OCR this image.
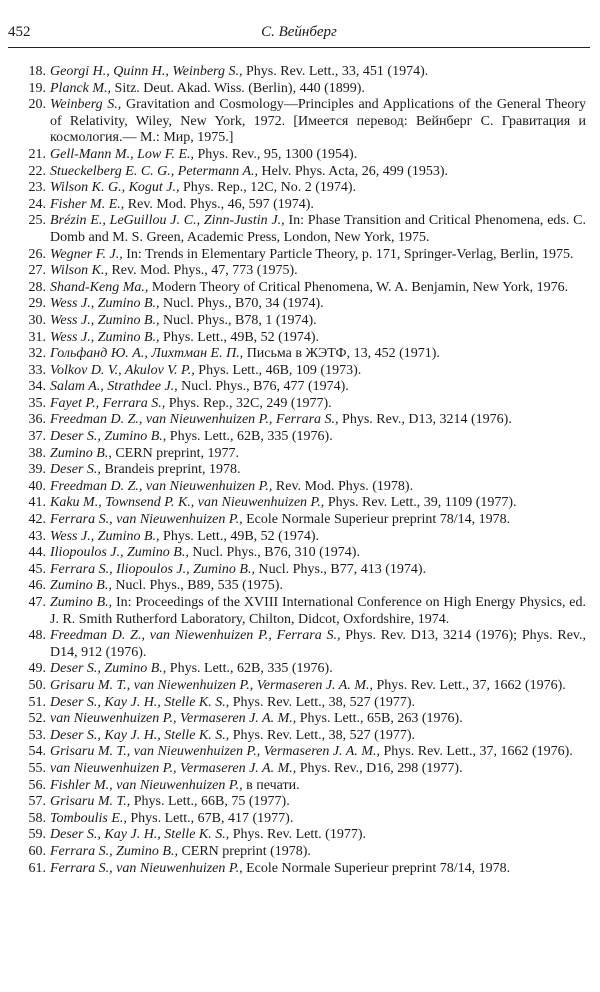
452	С. Вейнберг
18. Georgi H., Quinn H., Weinberg S., Phys. Rev. Lett., 33, 451 (1974).
19. Planck M., Sitz. Deut. Akad. Wiss. (Berlin), 440 (1899).
20. Weinberg S., Gravitation and Cosmology—Principles and Applications of the General Theory of Relativity, Wiley, New York, 1972. [Имеется перевод: Вейнберг С. Гравитация и космология.— М.: Мир, 1975.]
21. Gell-Mann M., Low F. E., Phys. Rev., 95, 1300 (1954).
22. Stueckelberg E. C. G., Petermann A., Helv. Phys. Acta, 26, 499 (1953).
23. Wilson K. G., Kogut J., Phys. Rep., 12C, No. 2 (1974).
24. Fisher M. E., Rev. Mod. Phys., 46, 597 (1974).
25. Brézin E., LeGuillou J. C., Zinn-Justin J., In: Phase Transition and Critical Phenomena, eds. C. Domb and M. S. Green, Academic Press, London, New York, 1975.
26. Wegner F. J., In: Trends in Elementary Particle Theory, p. 171, Springer-Verlag, Berlin, 1975.
27. Wilson K., Rev. Mod. Phys., 47, 773 (1975).
28. Shand-Keng Ma., Modern Theory of Critical Phenomena, W. A. Benjamin, New York, 1976.
29. Wess J., Zumino B., Nucl. Phys., B70, 34 (1974).
30. Wess J., Zumino B., Nucl. Phys., B78, 1 (1974).
31. Wess J., Zumino B., Phys. Lett., 49B, 52 (1974).
32. Гольфанд Ю. А., Лихтман Е. П., Письма в ЖЭТФ, 13, 452 (1971).
33. Volkov D. V., Akulov V. P., Phys. Lett., 46B, 109 (1973).
34. Salam A., Strathdee J., Nucl. Phys., B76, 477 (1974).
35. Fayet P., Ferrara S., Phys. Rep., 32C, 249 (1977).
36. Freedman D. Z., van Nieuwenhuizen P., Ferrara S., Phys. Rev., D13, 3214 (1976).
37. Deser S., Zumino B., Phys. Lett., 62B, 335 (1976).
38. Zumino B., CERN preprint, 1977.
39. Deser S., Brandeis preprint, 1978.
40. Freedman D. Z., van Nieuwenhuizen P., Rev. Mod. Phys. (1978).
41. Kaku M., Townsend P. K., van Nieuwenhuizen P., Phys. Rev. Lett., 39, 1109 (1977).
42. Ferrara S., van Nieuwenhuizen P., Ecole Normale Superieur preprint 78/14, 1978.
43. Wess J., Zumino B., Phys. Lett., 49B, 52 (1974).
44. Iliopoulos J., Zumino B., Nucl. Phys., B76, 310 (1974).
45. Ferrara S., Iliopoulos J., Zumino B., Nucl. Phys., B77, 413 (1974).
46. Zumino B., Nucl. Phys., B89, 535 (1975).
47. Zumino B., In: Proceedings of the XVIII International Conference on High Energy Physics, ed. J. R. Smith Rutherford Laboratory, Chilton, Didcot, Oxfordshire, 1974.
48. Freedman D. Z., van Niewenhuizen P., Ferrara S., Phys. Rev. D13, 3214 (1976); Phys. Rev., D14, 912 (1976).
49. Deser S., Zumino B., Phys. Lett., 62B, 335 (1976).
50. Grisaru M. T., van Niewenhuizen P., Vermaseren J. A. M., Phys. Rev. Lett., 37, 1662 (1976).
51. Deser S., Kay J. H., Stelle K. S., Phys. Rev. Lett., 38, 527 (1977).
52. van Nieuwenhuizen P., Vermaseren J. A. M., Phys. Lett., 65B, 263 (1976).
53. Deser S., Kay J. H., Stelle K. S., Phys. Rev. Lett., 38, 527 (1977).
54. Grisaru M. T., van Nieuwenhuizen P., Vermaseren J. A. M., Phys. Rev. Lett., 37, 1662 (1976).
55. van Nieuwenhuizen P., Vermaseren J. A. M., Phys. Rev., D16, 298 (1977).
56. Fishler M., van Nieuwenhuizen P., в печати.
57. Grisaru M. T., Phys. Lett., 66B, 75 (1977).
58. Tomboulis E., Phys. Lett., 67B, 417 (1977).
59. Deser S., Kay J. H., Stelle K. S., Phys. Rev. Lett. (1977).
60. Ferrara S., Zumino B., CERN preprint (1978).
61. Ferrara S., van Nieuwenhuizen P., Ecole Normale Superieur preprint 78/14, 1978.
